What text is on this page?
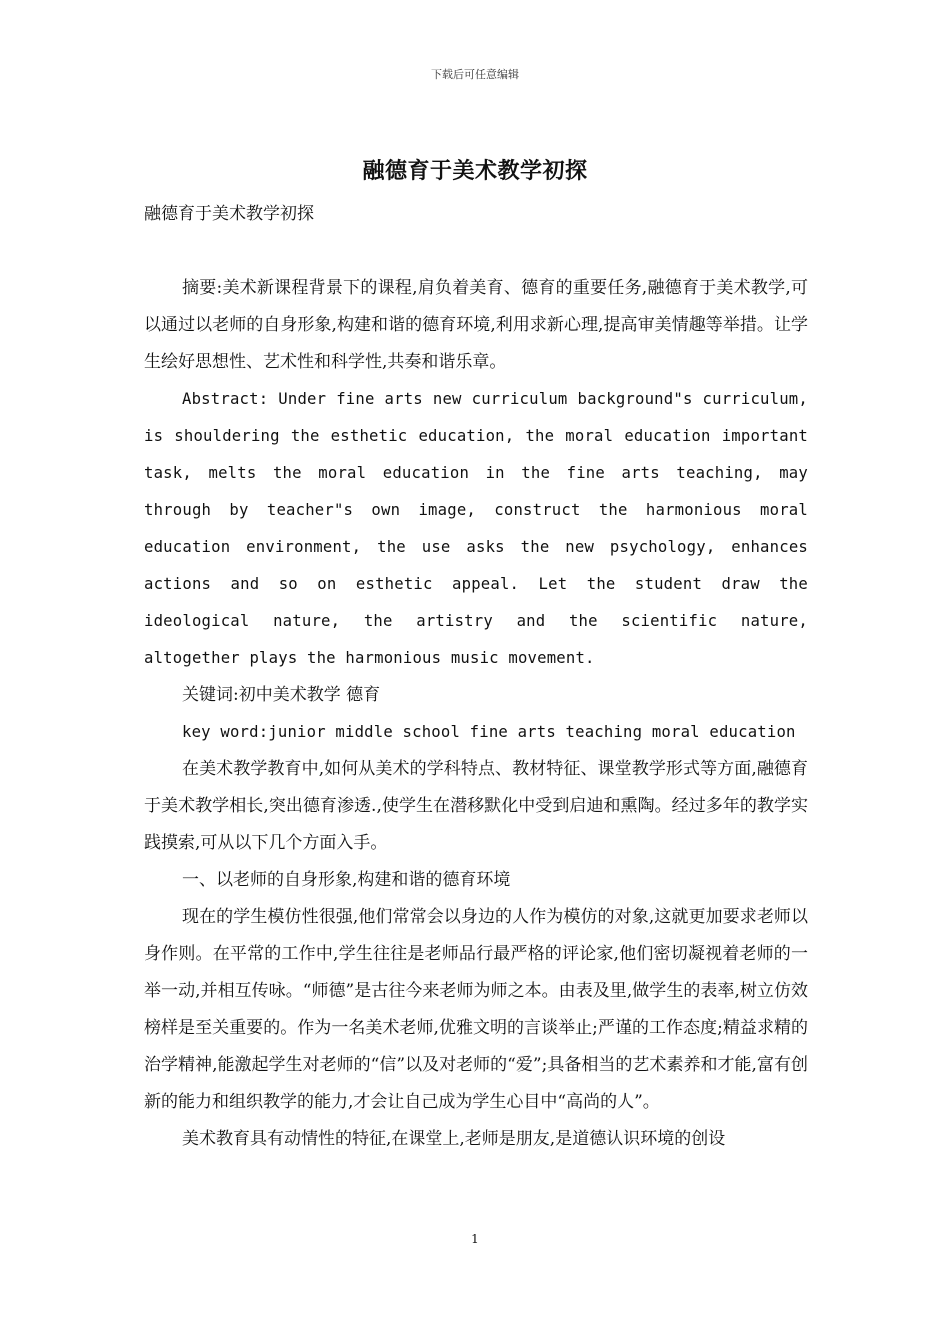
下载后可任意编辑
融德育于美术教学初探

融德育于美术教学初探

摘要:美术新课程背景下的课程,肩负着美育、德育的重要任务,融德育于美术教学,可以通过以老师的自身形象,构建和谐的德育环境,利用求新心理,提高审美情趣等举措。让学生绘好思想性、艺术性和科学性,共奏和谐乐章。

Abstract: Under fine arts new curriculum background"s curriculum, is shouldering the esthetic education, the moral education important task, melts the moral education in the fine arts teaching, may through by teacher"s own image, construct the harmonious moral education environment, the use asks the new psychology, enhances actions and so on esthetic appeal. Let the student draw the ideological nature, the artistry and the scientific nature, altogether plays the harmonious music movement.

关键词:初中美术教学 德育

key word:junior middle school fine arts teaching moral education

在美术教学教育中,如何从美术的学科特点、教材特征、课堂教学形式等方面,融德育于美术教学相长,突出德育渗透.,使学生在潜移默化中受到启迪和熏陶。经过多年的教学实践摸索,可从以下几个方面入手。

一、以老师的自身形象,构建和谐的德育环境

现在的学生模仿性很强,他们常常会以身边的人作为模仿的对象,这就更加要求老师以身作则。在平常的工作中,学生往往是老师品行最严格的评论家,他们密切凝视着老师的一举一动,并相互传咏。“师德”是古往今来老师为师之本。由表及里,做学生的表率,树立仿效榜样是至关重要的。作为一名美术老师,优雅文明的言谈举止;严谨的工作态度;精益求精的治学精神,能激起学生对老师的“信”以及对老师的“爱”;具备相当的艺术素养和才能,富有创新的能力和组织教学的能力,才会让自己成为学生心目中“高尚的人”。

美术教育具有动情性的特征,在课堂上,老师是朋友,是道德认识环境的创设

1
